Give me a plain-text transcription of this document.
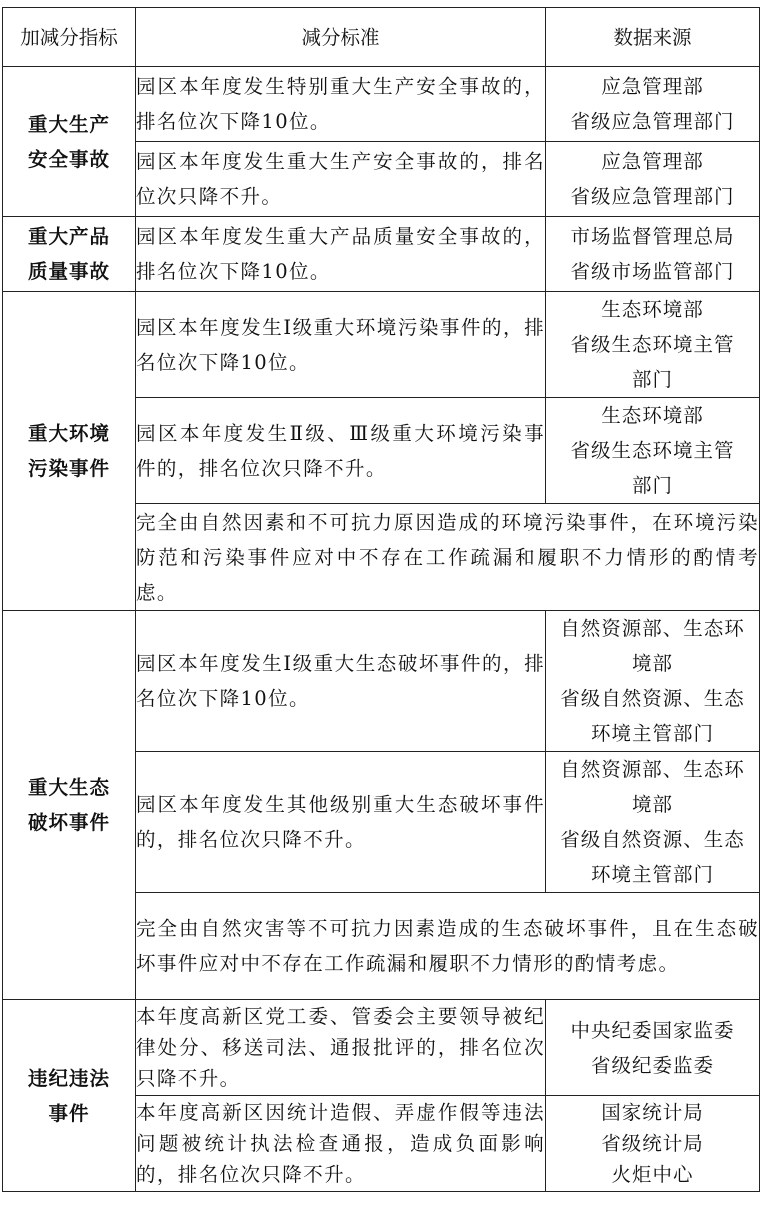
加减分指标	减分标准	数据来源

重大生产
安全事故	园区本年度发生特别重大生产安全事故的，排名位次下降10位。	应急管理部
省级应急管理部门

	园区本年度发生重大生产安全事故的，排名位次只降不升。	应急管理部
省级应急管理部门

重大产品
质量事故	园区本年度发生重大产品质量安全事故的，排名位次下降10位。	市场监督管理总局
省级市场监管部门

重大环境
污染事件	园区本年度发生Ⅰ级重大环境污染事件的，排名位次下降10位。	生态环境部
省级生态环境主管
部门

	园区本年度发生Ⅱ级、Ⅲ级重大环境污染事件的，排名位次只降不升。	生态环境部
省级生态环境主管
部门

	完全由自然因素和不可抗力原因造成的环境污染事件，在环境污染防范和污染事件应对中不存在工作疏漏和履职不力情形的酌情考虑。	

重大生态
破坏事件	园区本年度发生Ⅰ级重大生态破坏事件的，排名位次下降10位。	自然资源部、生态环
境部
省级自然资源、生态
环境主管部门

	园区本年度发生其他级别重大生态破坏事件的，排名位次只降不升。	自然资源部、生态环
境部
省级自然资源、生态
环境主管部门

	完全由自然灾害等不可抗力因素造成的生态破坏事件，且在生态破坏事件应对中不存在工作疏漏和履职不力情形的酌情考虑。	

违纪违法
事件	本年度高新区党工委、管委会主要领导被纪律处分、移送司法、通报批评的，排名位次只降不升。	中央纪委国家监委
省级纪委监委

	本年度高新区因统计造假、弄虚作假等违法问题被统计执法检查通报，造成负面影响的，排名位次只降不升。	国家统计局
省级统计局
火炬中心
